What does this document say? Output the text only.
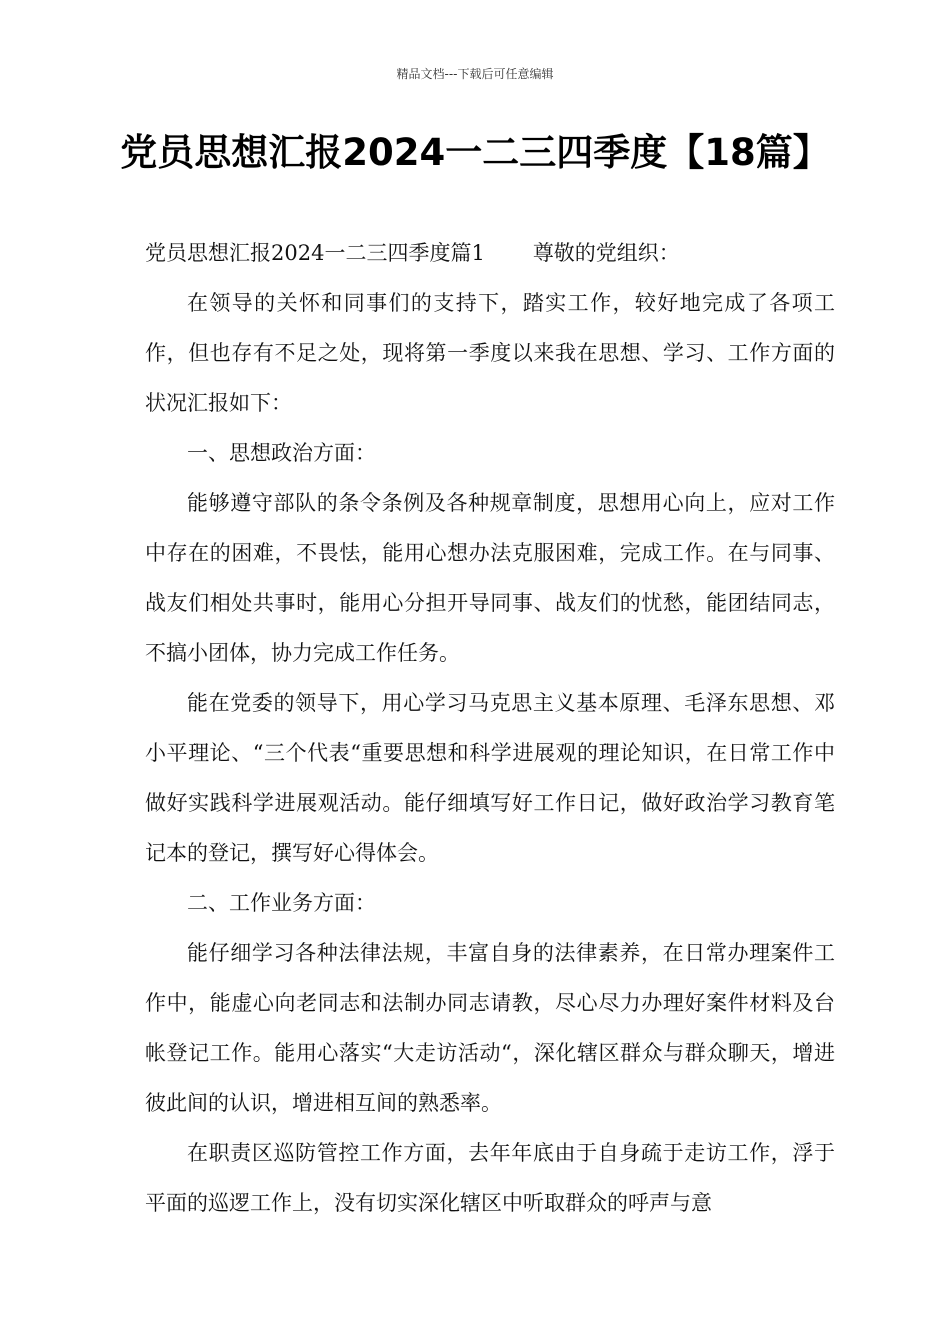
精品文档---下载后可任意编辑
党员思想汇报2024一二三四季度【18篇】

党员思想汇报2024一二三四季度篇1 尊敬的党组织：

在领导的关怀和同事们的支持下，踏实工作，较好地完成了各项工作，但也存有不足之处，现将第一季度以来我在思想、学习、工作方面的状况汇报如下：

一、思想政治方面：

能够遵守部队的条令条例及各种规章制度，思想用心向上，应对工作中存在的困难，不畏怯，能用心想办法克服困难，完成工作。在与同事、战友们相处共事时，能用心分担开导同事、战友们的忧愁，能团结同志，不搞小团体，协力完成工作任务。

能在党委的领导下，用心学习马克思主义基本原理、毛泽东思想、邓小平理论、“三个代表“重要思想和科学进展观的理论知识，在日常工作中做好实践科学进展观活动。能仔细填写好工作日记，做好政治学习教育笔记本的登记，撰写好心得体会。

二、工作业务方面：

能仔细学习各种法律法规，丰富自身的法律素养，在日常办理案件工作中，能虚心向老同志和法制办同志请教，尽心尽力办理好案件材料及台帐登记工作。能用心落实“大走访活动“，深化辖区群众与群众聊天，增进彼此间的认识，增进相互间的熟悉率。

在职责区巡防管控工作方面，去年年底由于自身疏于走访工作，浮于平面的巡逻工作上，没有切实深化辖区中听取群众的呼声与意
